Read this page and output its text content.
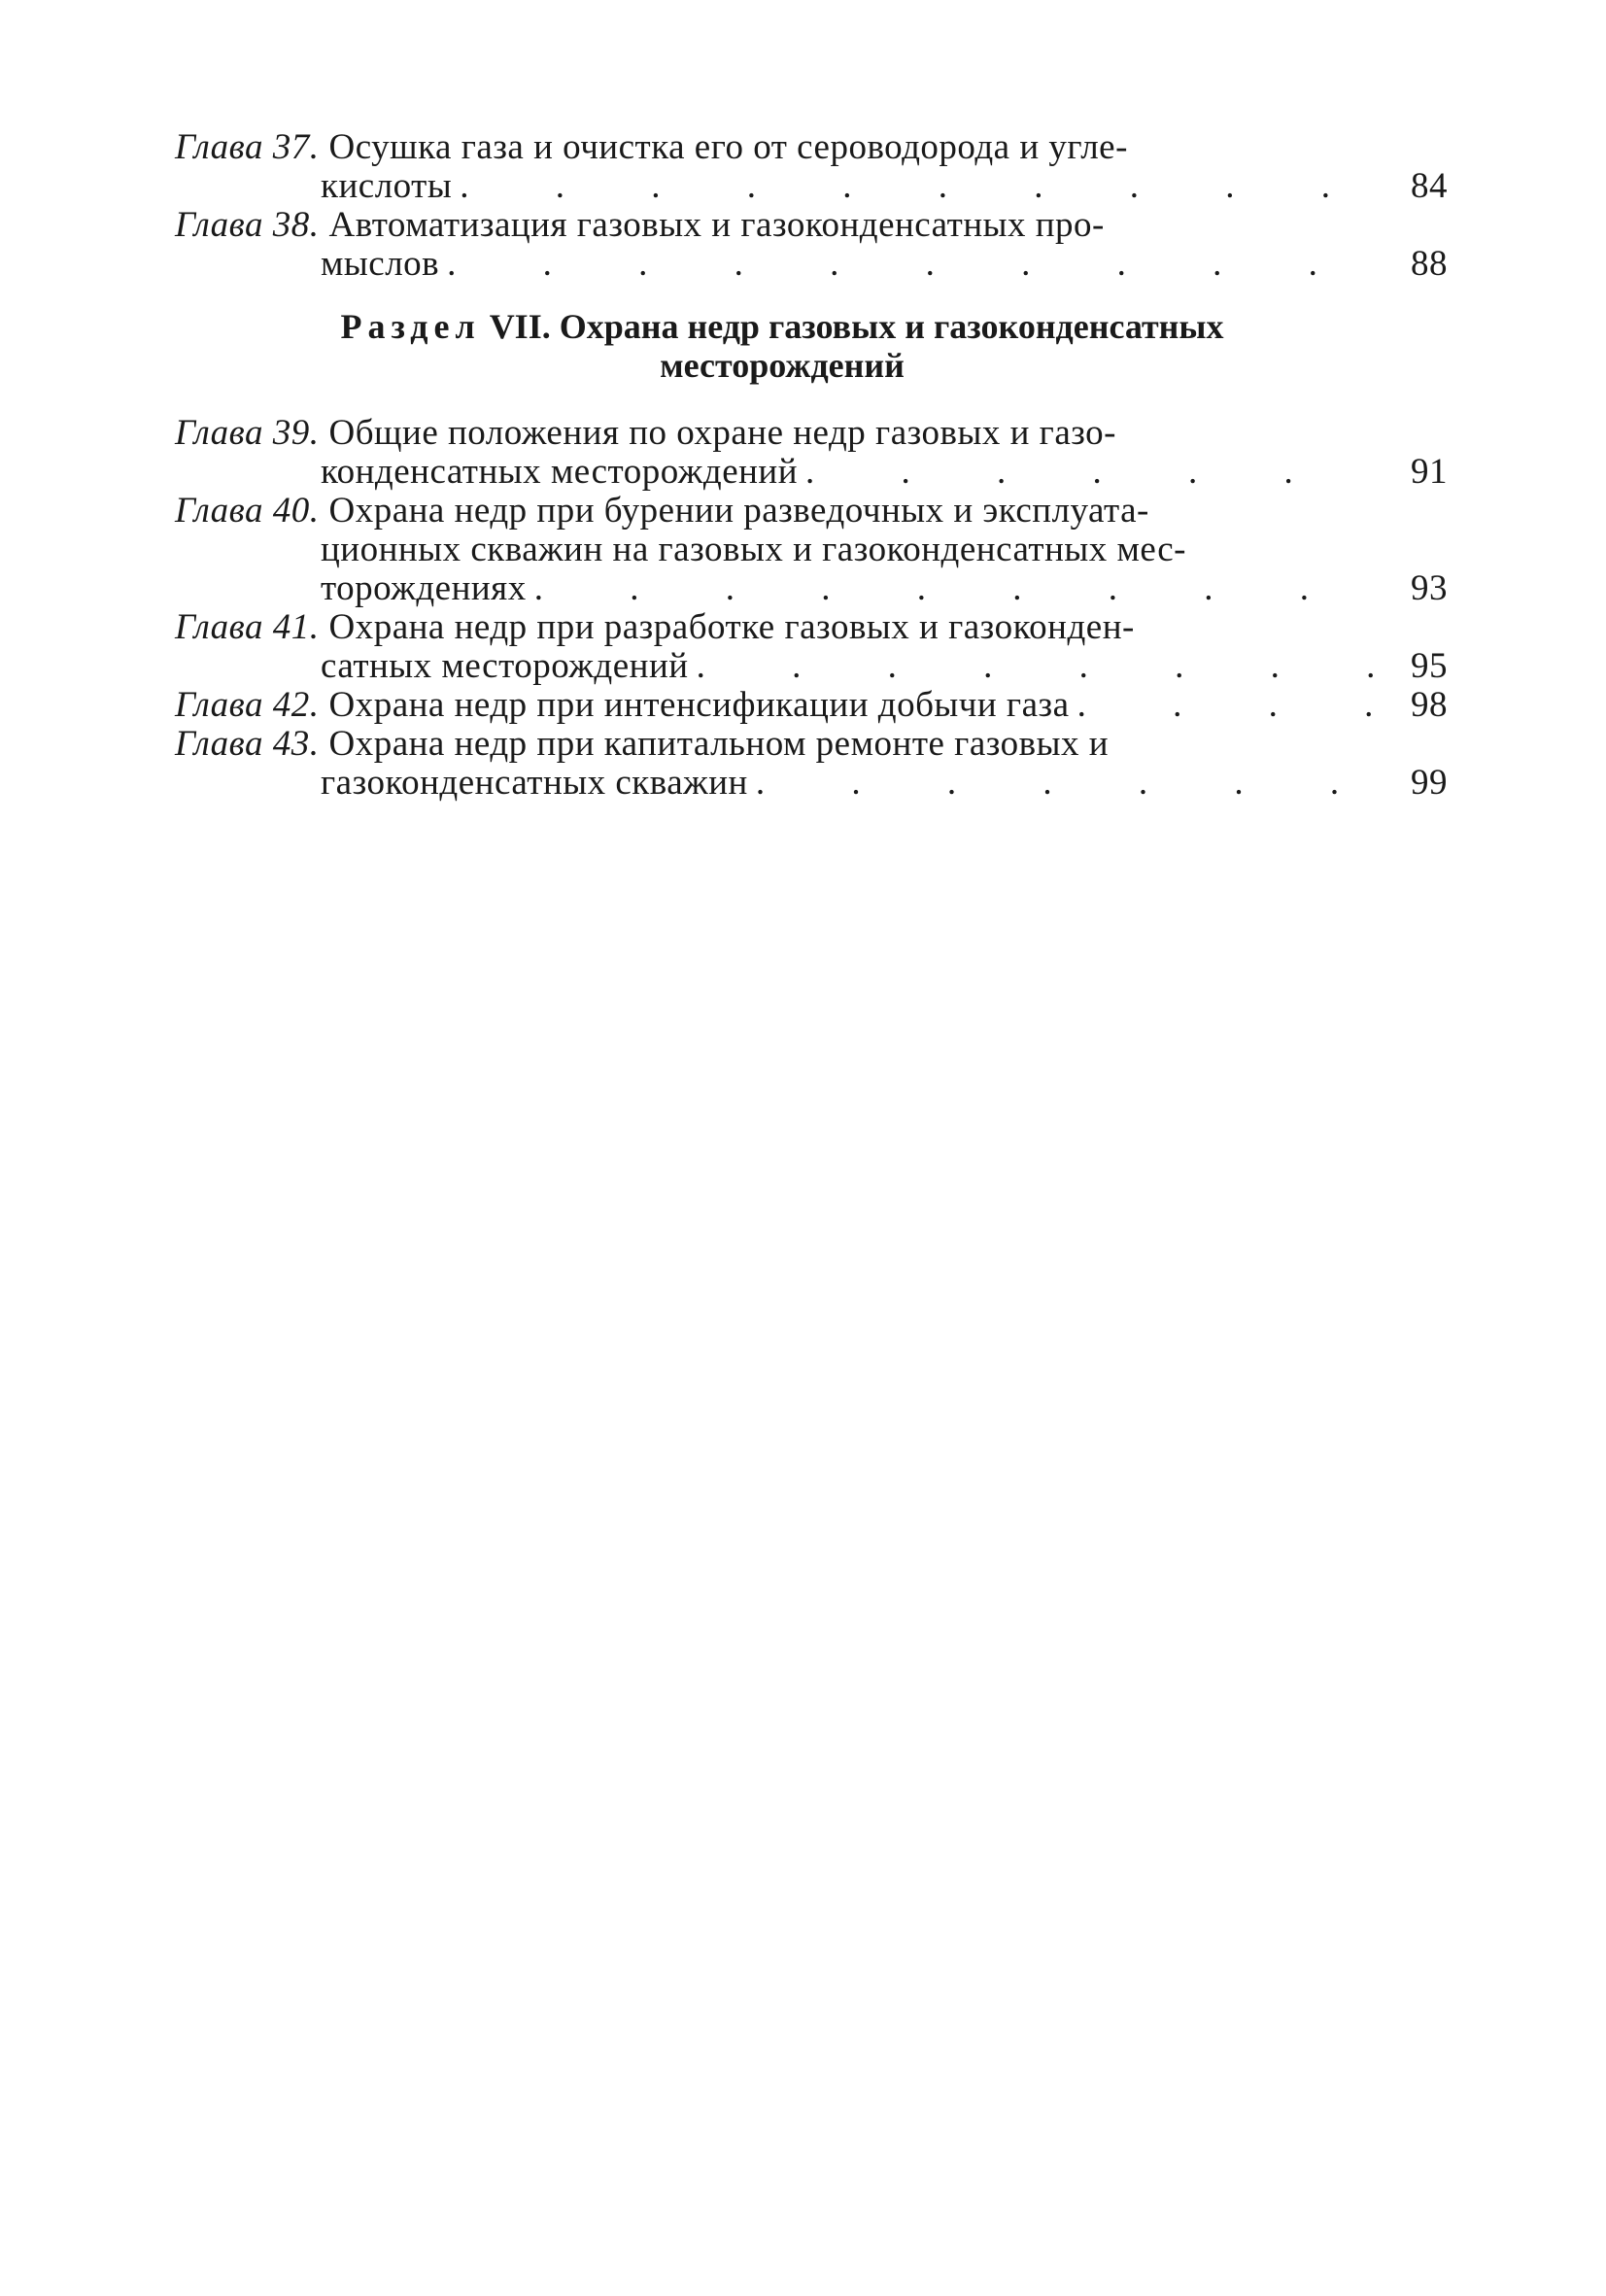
Глава 37. Осушка газа и очистка его от сероводорода и угле-
кислоты . . .	84
Глава 38. Автоматизация газовых и газоконденсатных про-
мыслов . . .	88
Раздел VII. Охрана недр газовых и газоконденсатных
месторождений
Глава 39. Общие положения по охране недр газовых и газо-
конденсатных месторождений . . .	91
Глава 40. Охрана недр при бурении разведочных и эксплуата-
ционных скважин на газовых и газоконденсатных мес-
торождениях . . .	93
Глава 41. Охрана недр при разработке газовых и газоконден-
сатных месторождений . . .	95
Глава 42. Охрана недр при интенсификации добычи газа . . .	98
Глава 43. Охрана недр при капитальном ремонте газовых и
газоконденсатных скважин . . .	99
